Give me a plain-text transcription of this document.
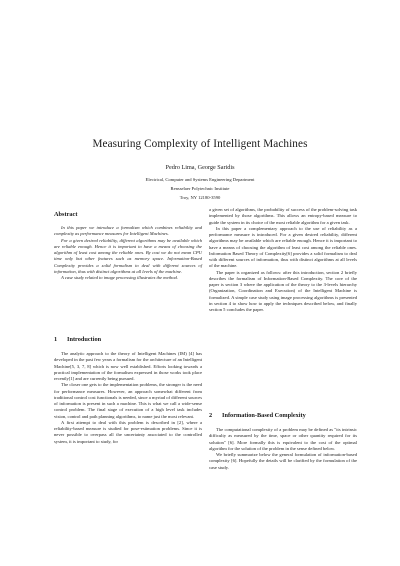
Measuring Complexity of Intelligent Machines
Pedro Lima, George Saridis
Electrical, Computer and Systems Engineering Department
Rensselaer Polytechnic Institute
Troy, NY 12180-3590
Abstract

In this paper we introduce a formalism which combines reliability and complexity as performance measures for Intelligent Machines.

For a given desired reliability, different algorithms may be available which are reliable enough. Hence it is important to have a means of choosing the algorithm of least cost among the reliable ones. By cost we do not mean CPU time only but other features such as memory space. Information-Based Complexity provides a solid formalism to deal with different sources of information, thus with distinct algorithms at all levels of the machine.

A case study related to image processing illustrates the method.

1 Introduction

The analytic approach to the theory of Intelligent Machines (IM) [4] has developed in the past few years a formalism for the architecture of an Intelligent Machine[5, 3, 7, 8] which is now well established. Efforts looking towards a practical implementation of the formalism expressed in those works took place recently[1] and are currently being pursued.

The closer one gets to the implementation problems, the stronger is the need for performance measures. However, an approach somewhat different from traditional control cost functionals is needed, since a myriad of different sources of information is present in such a machine. This is what we call a wide-sense control problem. The final stage of execution of a high level task includes vision, control and path planning algorithms, to name just the most relevant.

A first attempt to deal with this problem is described in [2], where a reliability-based measure is studied for pose-estimation problems. Since it is never possible to overpass all the uncertainty associated to the controlled system, it is important to study, for

a given set of algorithms, the probability of success of the problem-solving task implemented by those algorithms. This allows an entropy-based measure to guide the system in its choice of the most reliable algorithm for a given task.

In this paper a complementary approach to the use of reliability as a performance measure is introduced. For a given desired reliability, different algorithms may be available which are reliable enough. Hence it is important to have a means of choosing the algorithm of least cost among the reliable ones. Information Based Theory of Complexity[6] provides a solid formalism to deal with different sources of information, thus with distinct algorithms at all levels of the machine.

The paper is organized as follows: after this introduction, section 2 briefly describes the formalism of Information-Based Complexity. The core of the paper is section 3 where the application of the theory to the 3-levels hierarchy (Organization, Coordination and Execution) of the Intelligent Machine is formalized. A simple case study using image processing algorithms is presented in section 4 to show how to apply the techniques described below, and finally section 5 concludes the paper.

2 Information-Based Complexity

The computational complexity of a problem may be defined as "its intrinsic difficulty as measured by the time, space or other quantity required for its solution" [6]. More formally this is equivalent to the cost of the optimal algorithm for the solution of the problem in the sense defined below.

We briefly summarize below the general formulation of information-based complexity [6]. Hopefully the details will be clarified by the formulation of the case study.
